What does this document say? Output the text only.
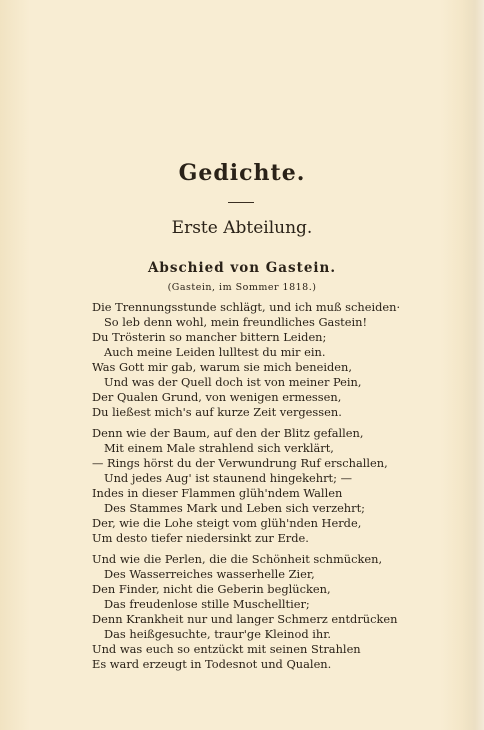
Gedichte.
Erste Abteilung.
Abschied von Gastein.
(Gastein, im Sommer 1818.)
Die Trennungsstunde schlägt, und ich muß scheiden·
So leb denn wohl, mein freundliches Gastein!
Du Trösterin so mancher bittern Leiden;
Auch meine Leiden lulltest du mir ein.
Was Gott mir gab, warum sie mich beneiden,
Und was der Quell doch ist von meiner Pein,
Der Qualen Grund, von wenigen ermessen,
Du ließest mich's auf kurze Zeit vergessen.
Denn wie der Baum, auf den der Blitz gefallen,
Mit einem Male strahlend sich verklärt,
— Rings hörst du der Verwundrung Ruf erschallen,
Und jedes Aug' ist staunend hingekehrt; —
Indes in dieser Flammen glüh'ndem Wallen
Des Stammes Mark und Leben sich verzehrt;
Der, wie die Lohe steigt vom glüh'nden Herde,
Um desto tiefer niedersinkt zur Erde.
Und wie die Perlen, die die Schönheit schmücken,
Des Wasserreiches wasserhelle Zier,
Den Finder, nicht die Geberin beglücken,
Das freudenlose stille Muschelltier;
Denn Krankheit nur und langer Schmerz entdrücken
Das heißgesuchte, traur'ge Kleinod ihr.
Und was euch so entzückt mit seinen Strahlen
Es ward erzeugt in Todesnot und Qualen.
